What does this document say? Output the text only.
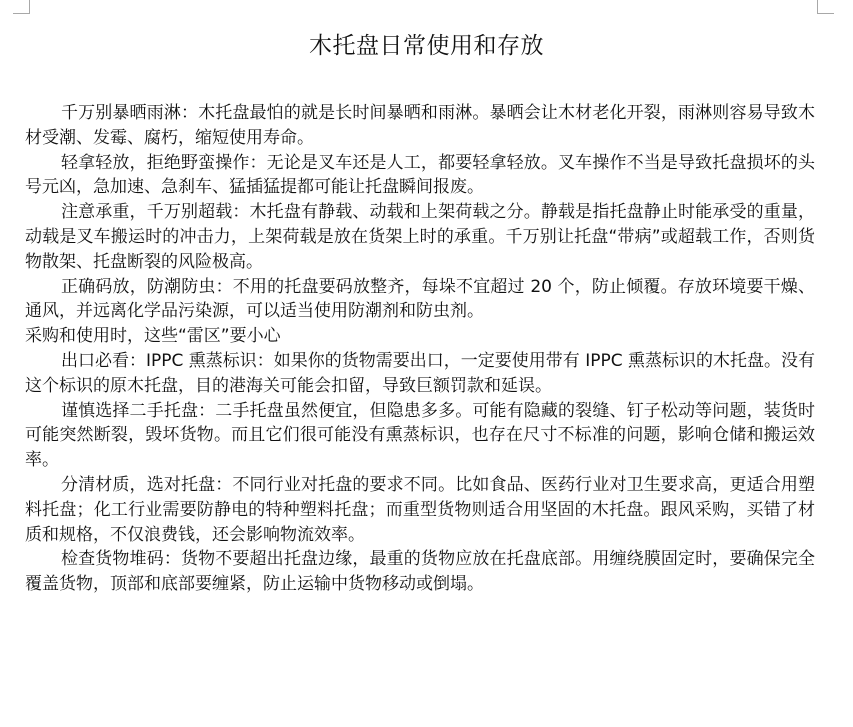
木托盘日常使用和存放

千万别暴晒雨淋：木托盘最怕的就是长时间暴晒和雨淋。暴晒会让木材老化开裂，雨淋则容易导致木材受潮、发霉、腐朽，缩短使用寿命。

轻拿轻放，拒绝野蛮操作：无论是叉车还是人工，都要轻拿轻放。叉车操作不当是导致托盘损坏的头号元凶，急加速、急刹车、猛插猛提都可能让托盘瞬间报废。

注意承重，千万别超载：木托盘有静载、动载和上架荷载之分。静载是指托盘静止时能承受的重量，动载是叉车搬运时的冲击力，上架荷载是放在货架上时的承重。千万别让托盘“带病”或超载工作，否则货物散架、托盘断裂的风险极高。

正确码放，防潮防虫：不用的托盘要码放整齐，每垛不宜超过 20 个，防止倾覆。存放环境要干燥、通风，并远离化学品污染源，可以适当使用防潮剂和防虫剂。

采购和使用时，这些“雷区”要小心

出口必看：IPPC 熏蒸标识：如果你的货物需要出口，一定要使用带有 IPPC 熏蒸标识的木托盘。没有这个标识的原木托盘，目的港海关可能会扣留，导致巨额罚款和延误。

谨慎选择二手托盘：二手托盘虽然便宜，但隐患多多。可能有隐藏的裂缝、钉子松动等问题，装货时可能突然断裂，毁坏货物。而且它们很可能没有熏蒸标识，也存在尺寸不标准的问题，影响仓储和搬运效率。

分清材质，选对托盘：不同行业对托盘的要求不同。比如食品、医药行业对卫生要求高，更适合用塑料托盘；化工行业需要防静电的特种塑料托盘；而重型货物则适合用坚固的木托盘。跟风采购，买错了材质和规格，不仅浪费钱，还会影响物流效率。

检查货物堆码：货物不要超出托盘边缘，最重的货物应放在托盘底部。用缠绕膜固定时，要确保完全覆盖货物，顶部和底部要缠紧，防止运输中货物移动或倒塌。
